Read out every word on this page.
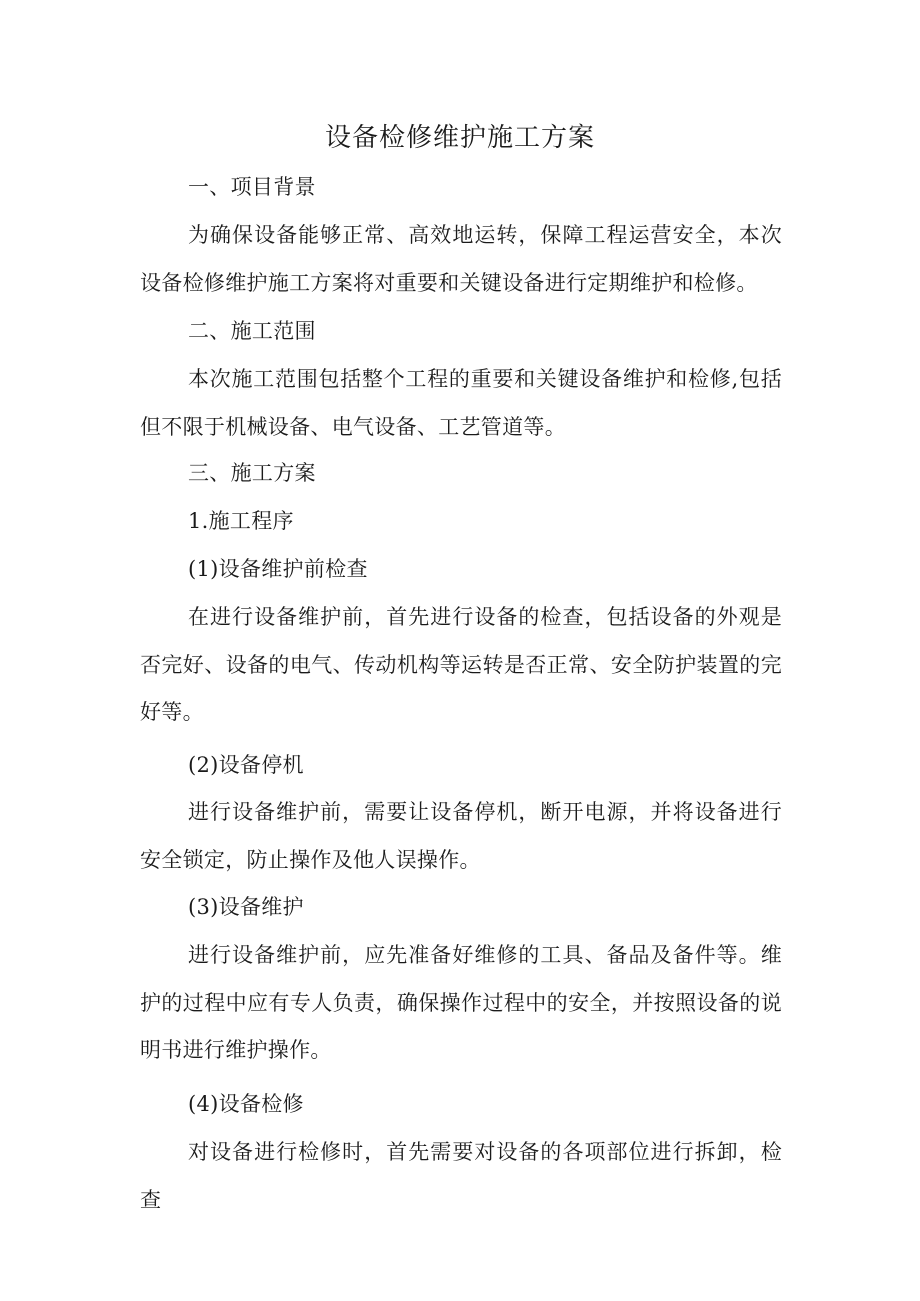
设备检修维护施工方案

一、项目背景

为确保设备能够正常、高效地运转，保障工程运营安全，本次设备检修维护施工方案将对重要和关键设备进行定期维护和检修。

二、施工范围

本次施工范围包括整个工程的重要和关键设备维护和检修,包括但不限于机械设备、电气设备、工艺管道等。

三、施工方案

1.施工程序

(1)设备维护前检查

在进行设备维护前，首先进行设备的检查，包括设备的外观是否完好、设备的电气、传动机构等运转是否正常、安全防护装置的完好等。

(2)设备停机

进行设备维护前，需要让设备停机，断开电源，并将设备进行安全锁定，防止操作及他人误操作。

(3)设备维护

进行设备维护前，应先准备好维修的工具、备品及备件等。维护的过程中应有专人负责，确保操作过程中的安全，并按照设备的说明书进行维护操作。

(4)设备检修

对设备进行检修时，首先需要对设备的各项部位进行拆卸，检查
